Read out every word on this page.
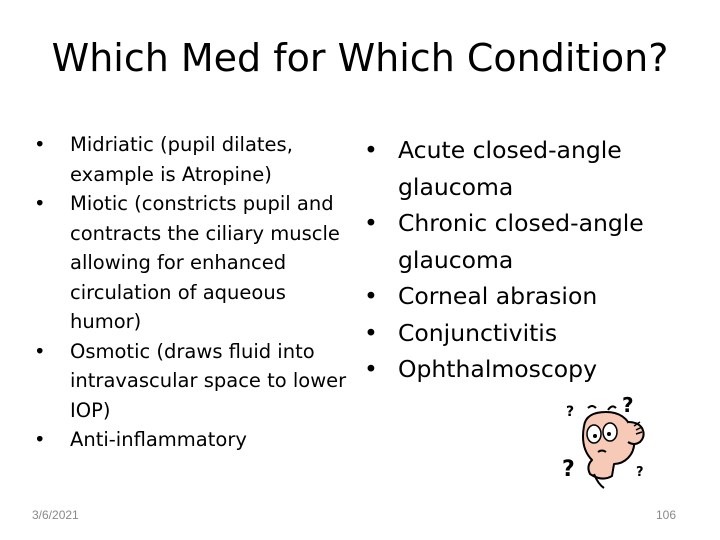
Which Med for Which Condition?
• Midriatic (pupil dilates, example is Atropine)
• Miotic (constricts pupil and contracts the ciliary muscle allowing for enhanced circulation of aqueous humor)
• Osmotic (draws fluid into intravascular space to lower IOP)
• Anti-inflammatory
• Acute closed-angle glaucoma
• Chronic closed-angle glaucoma
• Corneal abrasion
• Conjunctivitis
• Ophthalmoscopy
? ?
?	?
3/6/2021	106
